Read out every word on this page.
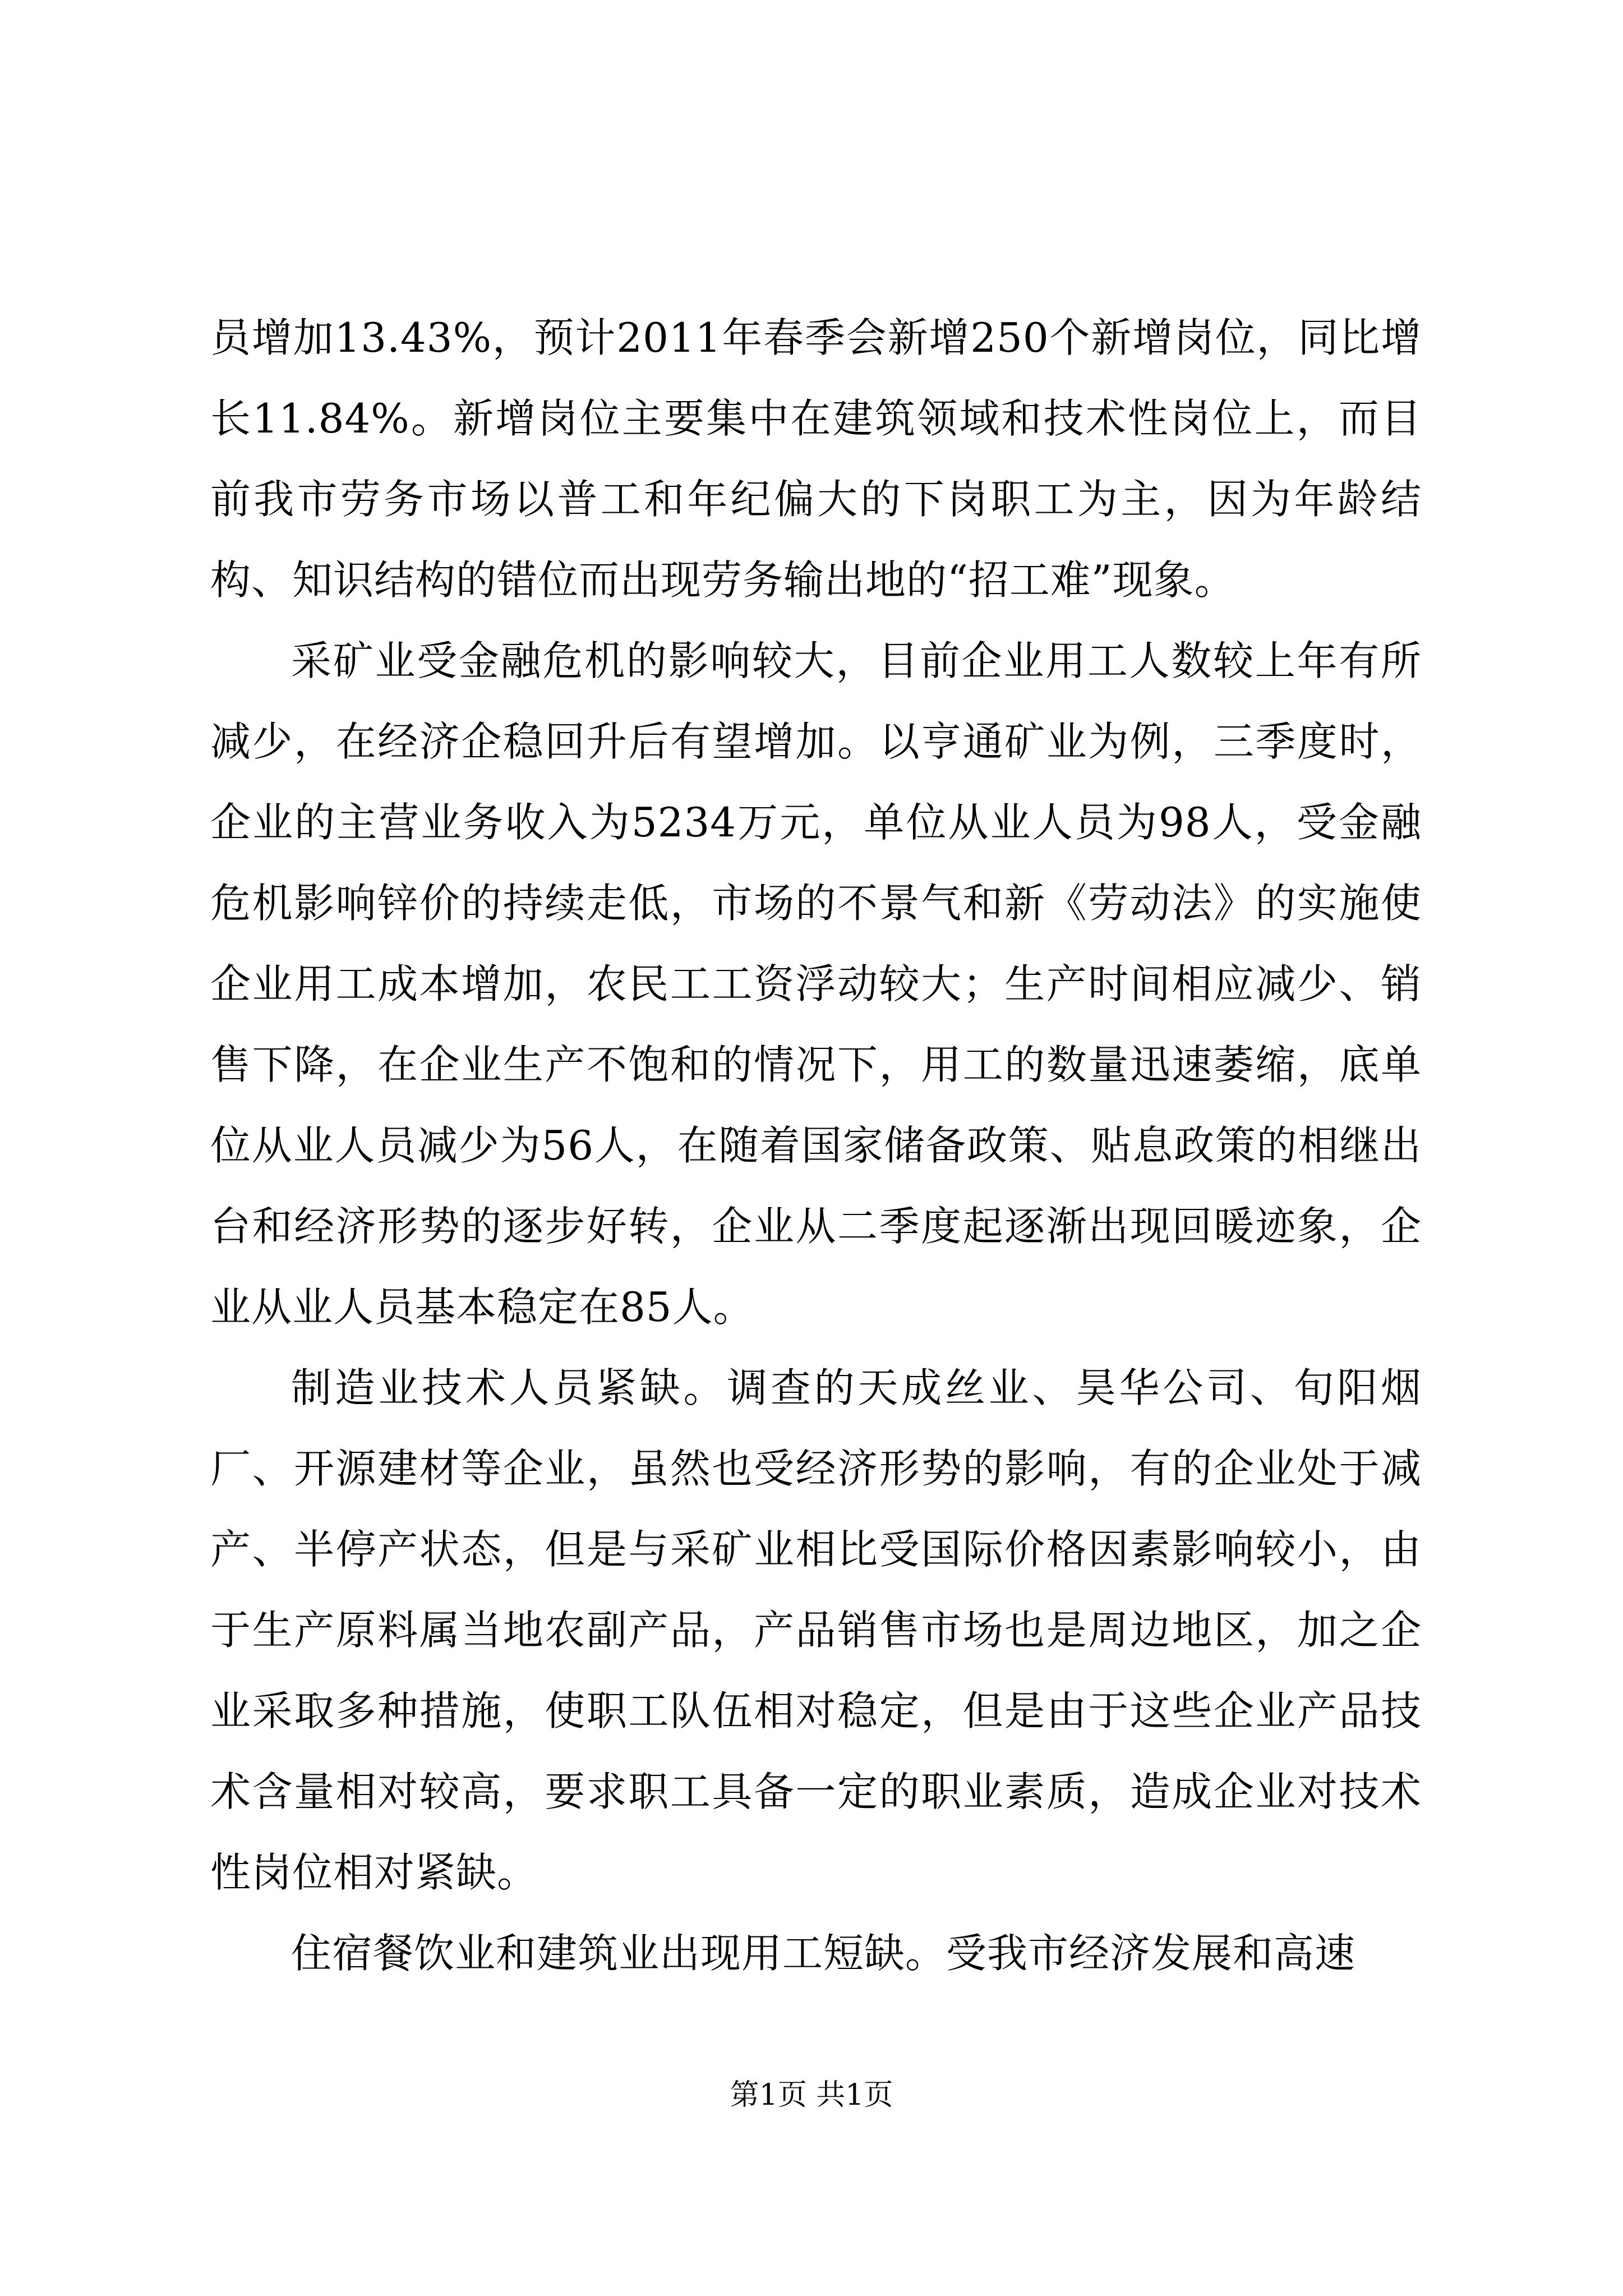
员增加13.43%，预计2011年春季会新增250个新增岗位，同比增长11.84%。新增岗位主要集中在建筑领域和技术性岗位上，而目前我市劳务市场以普工和年纪偏大的下岗职工为主，因为年龄结构、知识结构的错位而出现劳务输出地的“招工难”现象。

采矿业受金融危机的影响较大，目前企业用工人数较上年有所减少，在经济企稳回升后有望增加。以亨通矿业为例，三季度时，企业的主营业务收入为5234万元，单位从业人员为98人，受金融危机影响锌价的持续走低，市场的不景气和新《劳动法》的实施使企业用工成本增加，农民工工资浮动较大；生产时间相应减少、销售下降，在企业生产不饱和的情况下，用工的数量迅速萎缩，底单位从业人员减少为56人，在随着国家储备政策、贴息政策的相继出台和经济形势的逐步好转，企业从二季度起逐渐出现回暖迹象，企业从业人员基本稳定在85人。

制造业技术人员紧缺。调查的天成丝业、昊华公司、旬阳烟厂、开源建材等企业，虽然也受经济形势的影响，有的企业处于减产、半停产状态，但是与采矿业相比受国际价格因素影响较小，由于生产原料属当地农副产品，产品销售市场也是周边地区，加之企业采取多种措施，使职工队伍相对稳定，但是由于这些企业产品技术含量相对较高，要求职工具备一定的职业素质，造成企业对技术性岗位相对紧缺。

住宿餐饮业和建筑业出现用工短缺。受我市经济发展和高速

第1页 共1页
